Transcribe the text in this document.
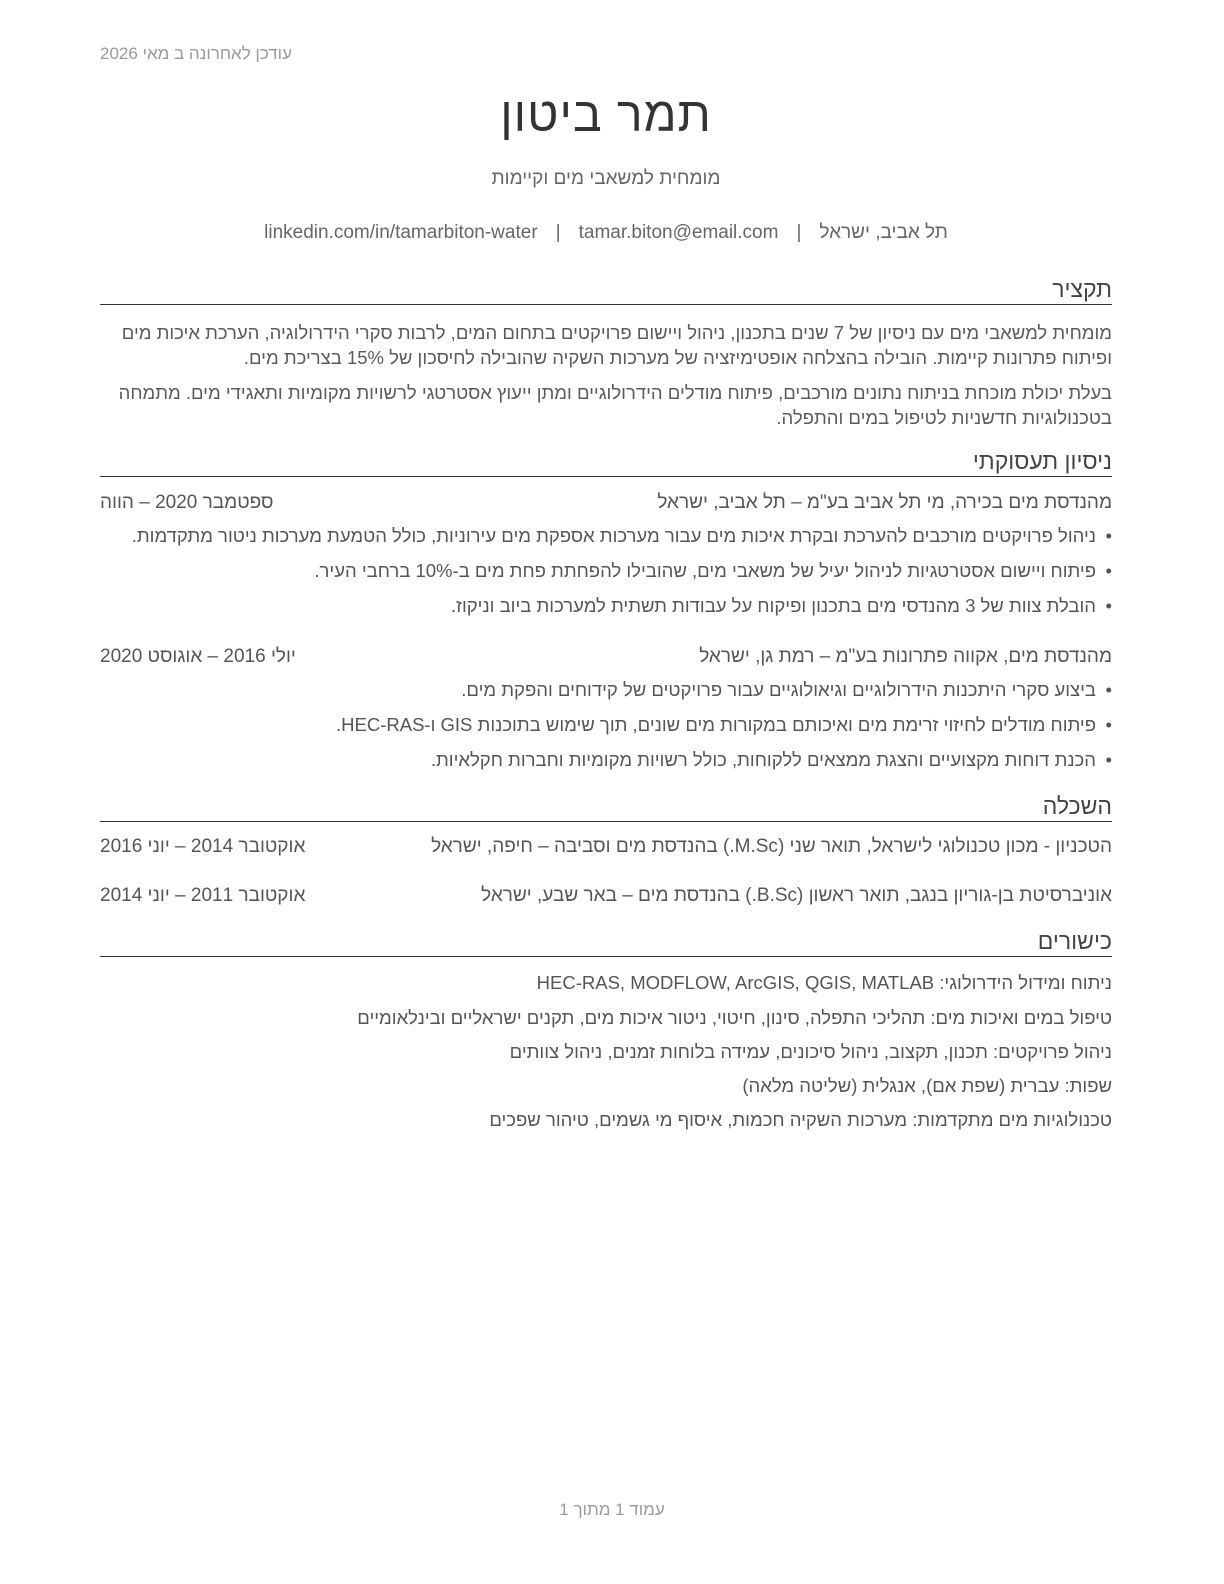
עודכן לאחרונה ב מאי 2026
תמר ביטון
מומחית למשאבי מים וקיימות
תל אביב, ישראל|tamar.biton@email.com|linkedin.com/in/tamarbiton-water
תקציר
מומחית למשאבי מים עם ניסיון של 7 שנים בתכנון, ניהול ויישום פרויקטים בתחום המים, לרבות סקרי הידרולוגיה, הערכת איכות מים ופיתוח פתרונות קיימות. הובילה בהצלחה אופטימיזציה של מערכות השקיה שהובילה לחיסכון של 15% בצריכת מים.
בעלת יכולת מוכחת בניתוח נתונים מורכבים, פיתוח מודלים הידרולוגיים ומתן ייעוץ אסטרטגי לרשויות מקומיות ותאגידי מים. מתמחה בטכנולוגיות חדשניות לטיפול במים והתפלה.
ניסיון תעסוקתי
מהנדסת מים בכירה, מי תל אביב בע"מ – תל אביב, ישראל
ספטמבר 2020 – הווה
•
ניהול פרויקטים מורכבים להערכת ובקרת איכות מים עבור מערכות אספקת מים עירוניות, כולל הטמעת מערכות ניטור מתקדמות.
•
פיתוח ויישום אסטרטגיות לניהול יעיל של משאבי מים, שהובילו להפחתת פחת מים ב-10% ברחבי העיר.
•
הובלת צוות של 3 מהנדסי מים בתכנון ופיקוח על עבודות תשתית למערכות ביוב וניקוז.
מהנדסת מים, אקווה פתרונות בע"מ – רמת גן, ישראל
יולי 2016 – אוגוסט 2020
•
ביצוע סקרי היתכנות הידרולוגיים וגיאולוגיים עבור פרויקטים של קידוחים והפקת מים.
•
פיתוח מודלים לחיזוי זרימת מים ואיכותם במקורות מים שונים, תוך שימוש בתוכנות GIS ו-HEC-RAS.
•
הכנת דוחות מקצועיים והצגת ממצאים ללקוחות, כולל רשויות מקומיות וחברות חקלאיות.
השכלה
הטכניון - מכון טכנולוגי לישראל, תואר שני (M.Sc.) בהנדסת מים וסביבה – חיפה, ישראל
אוקטובר 2014 – יוני 2016
אוניברסיטת בן-גוריון בנגב, תואר ראשון (B.Sc.) בהנדסת מים – באר שבע, ישראל
אוקטובר 2011 – יוני 2014
כישורים
ניתוח ומידול הידרולוגי: HEC-RAS, MODFLOW, ArcGIS, QGIS, MATLAB
טיפול במים ואיכות מים: תהליכי התפלה, סינון, חיטוי, ניטור איכות מים, תקנים ישראליים ובינלאומיים
ניהול פרויקטים: תכנון, תקצוב, ניהול סיכונים, עמידה בלוחות זמנים, ניהול צוותים
שפות: עברית (שפת אם), אנגלית (שליטה מלאה)
טכנולוגיות מים מתקדמות: מערכות השקיה חכמות, איסוף מי גשמים, טיהור שפכים
עמוד 1 מתוך 1
